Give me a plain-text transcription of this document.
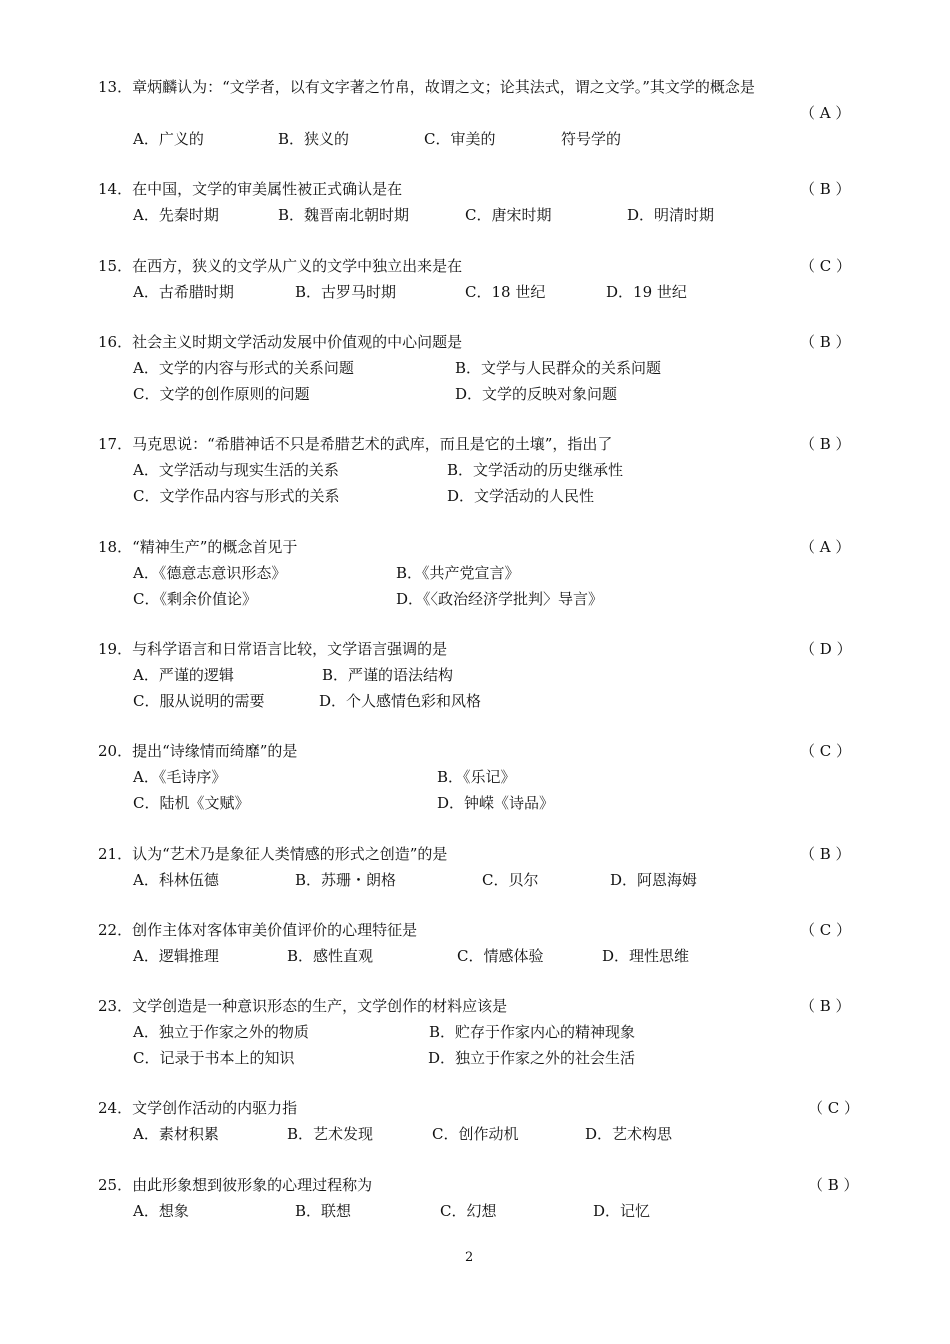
13．章炳麟认为：“文学者，以有文字著之竹帛，故谓之文；论其法式，谓之文学。”其文学的概念是
（ A ）
A．广义的	B．狭义的	C．审美的	符号学的
14．在中国，文学的审美属性被正式确认是在	（ B ）
A．先秦时期	B．魏晋南北朝时期	C．唐宋时期	D．明清时期
15．在西方，狭义的文学从广义的文学中独立出来是在	（ C ）
A．古希腊时期	B．古罗马时期	C．18 世纪	D．19 世纪
16．社会主义时期文学活动发展中价值观的中心问题是	（ B ）
A．文学的内容与形式的关系问题	B．文学与人民群众的关系问题
C．文学的创作原则的问题	D．文学的反映对象问题
17．马克思说：“希腊神话不只是希腊艺术的武库，而且是它的土壤”，指出了	（ B ）
A．文学活动与现实生活的关系	B．文学活动的历史继承性
C．文学作品内容与形式的关系	D．文学活动的人民性
18．“精神生产”的概念首见于	（ A ）
A．《德意志意识形态》	B．《共产党宣言》
C．《剩余价值论》	D．《〈政治经济学批判〉导言》
19．与科学语言和日常语言比较，文学语言强调的是	（ D ）
A．严谨的逻辑	B．严谨的语法结构
C．服从说明的需要	D．个人感情色彩和风格
20．提出“诗缘情而绮靡”的是	（ C ）
A．《毛诗序》	B．《乐记》
C．陆机《文赋》	D．钟嵘《诗品》
21．认为“艺术乃是象征人类情感的形式之创造”的是	（ B ）
A．科林伍德	B．苏珊・朗格	C．贝尔	D．阿恩海姆
22．创作主体对客体审美价值评价的心理特征是	（ C ）
A．逻辑推理	B．感性直观	C．情感体验	D．理性思维
23．文学创造是一种意识形态的生产，文学创作的材料应该是	（ B ）
A．独立于作家之外的物质	B．贮存于作家内心的精神现象
C．记录于书本上的知识	D．独立于作家之外的社会生活
24．文学创作活动的内驱力指	（ C ）
A．素材积累	B．艺术发现	C．创作动机	D．艺术构思
25．由此形象想到彼形象的心理过程称为	（ B ）
A．想象	B．联想	C．幻想	D．记忆
2
